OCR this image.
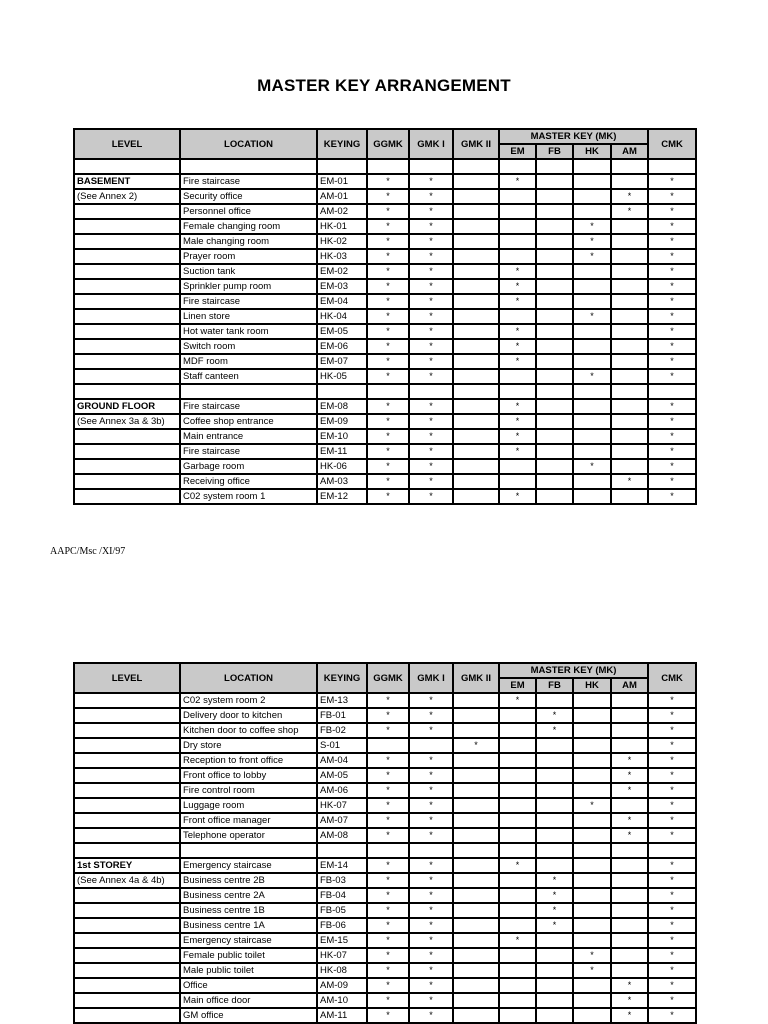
MASTER KEY ARRANGEMENT
LEVEL	LOCATION	KEYING	GGMK	GMK I	GMK II	MASTER KEY (MK)				CMK
						EM	FB	HK	AM	

BASEMENT	Fire staircase	EM-01	*	*		*				*
(See Annex 2)	Security office	AM-01	*	*					*	*
	Personnel office	AM-02	*	*					*	*
	Female changing room	HK-01	*	*				*		*
	Male changing room	HK-02	*	*				*		*
	Prayer room	HK-03	*	*				*		*
	Suction tank	EM-02	*	*		*				*
	Sprinkler pump room	EM-03	*	*		*				*
	Fire staircase	EM-04	*	*		*				*
	Linen store	HK-04	*	*				*		*
	Hot water tank room	EM-05	*	*		*				*
	Switch room	EM-06	*	*		*				*
	MDF room	EM-07	*	*		*				*
	Staff canteen	HK-05	*	*				*		*

GROUND FLOOR	Fire staircase	EM-08	*	*		*				*
(See Annex 3a & 3b)	Coffee shop entrance	EM-09	*	*		*				*
	Main entrance	EM-10	*	*		*				*
	Fire staircase	EM-11	*	*		*				*
	Garbage room	HK-06	*	*				*		*
	Receiving office	AM-03	*	*					*	*
	C02 system room 1	EM-12	*	*		*				*
AAPC/Msc /XI/97
LEVEL	LOCATION	KEYING	GGMK	GMK I	GMK II	MASTER KEY (MK)				CMK
						EM	FB	HK	AM	
	C02 system room 2	EM-13	*	*		*				*
	Delivery door to kitchen	FB-01	*	*			*			*
	Kitchen door to coffee shop	FB-02	*	*			*			*
	Dry store	S-01			*					*
	Reception to front office	AM-04	*	*					*	*
	Front office to lobby	AM-05	*	*					*	*
	Fire control room	AM-06	*	*					*	*
	Luggage room	HK-07	*	*				*		*
	Front office manager	AM-07	*	*					*	*
	Telephone operator	AM-08	*	*					*	*

1st STOREY	Emergency staircase	EM-14	*	*		*				*
(See Annex 4a & 4b)	Business centre 2B	FB-03	*	*			*			*
	Business centre 2A	FB-04	*	*			*			*
	Business centre 1B	FB-05	*	*			*			*
	Business centre 1A	FB-06	*	*			*			*
	Emergency staircase	EM-15	*	*		*				*
	Female public toilet	HK-07	*	*				*		*
	Male public toilet	HK-08	*	*				*		*
	Office	AM-09	*	*					*	*
	Main office door	AM-10	*	*					*	*
	GM office	AM-11	*	*					*	*
